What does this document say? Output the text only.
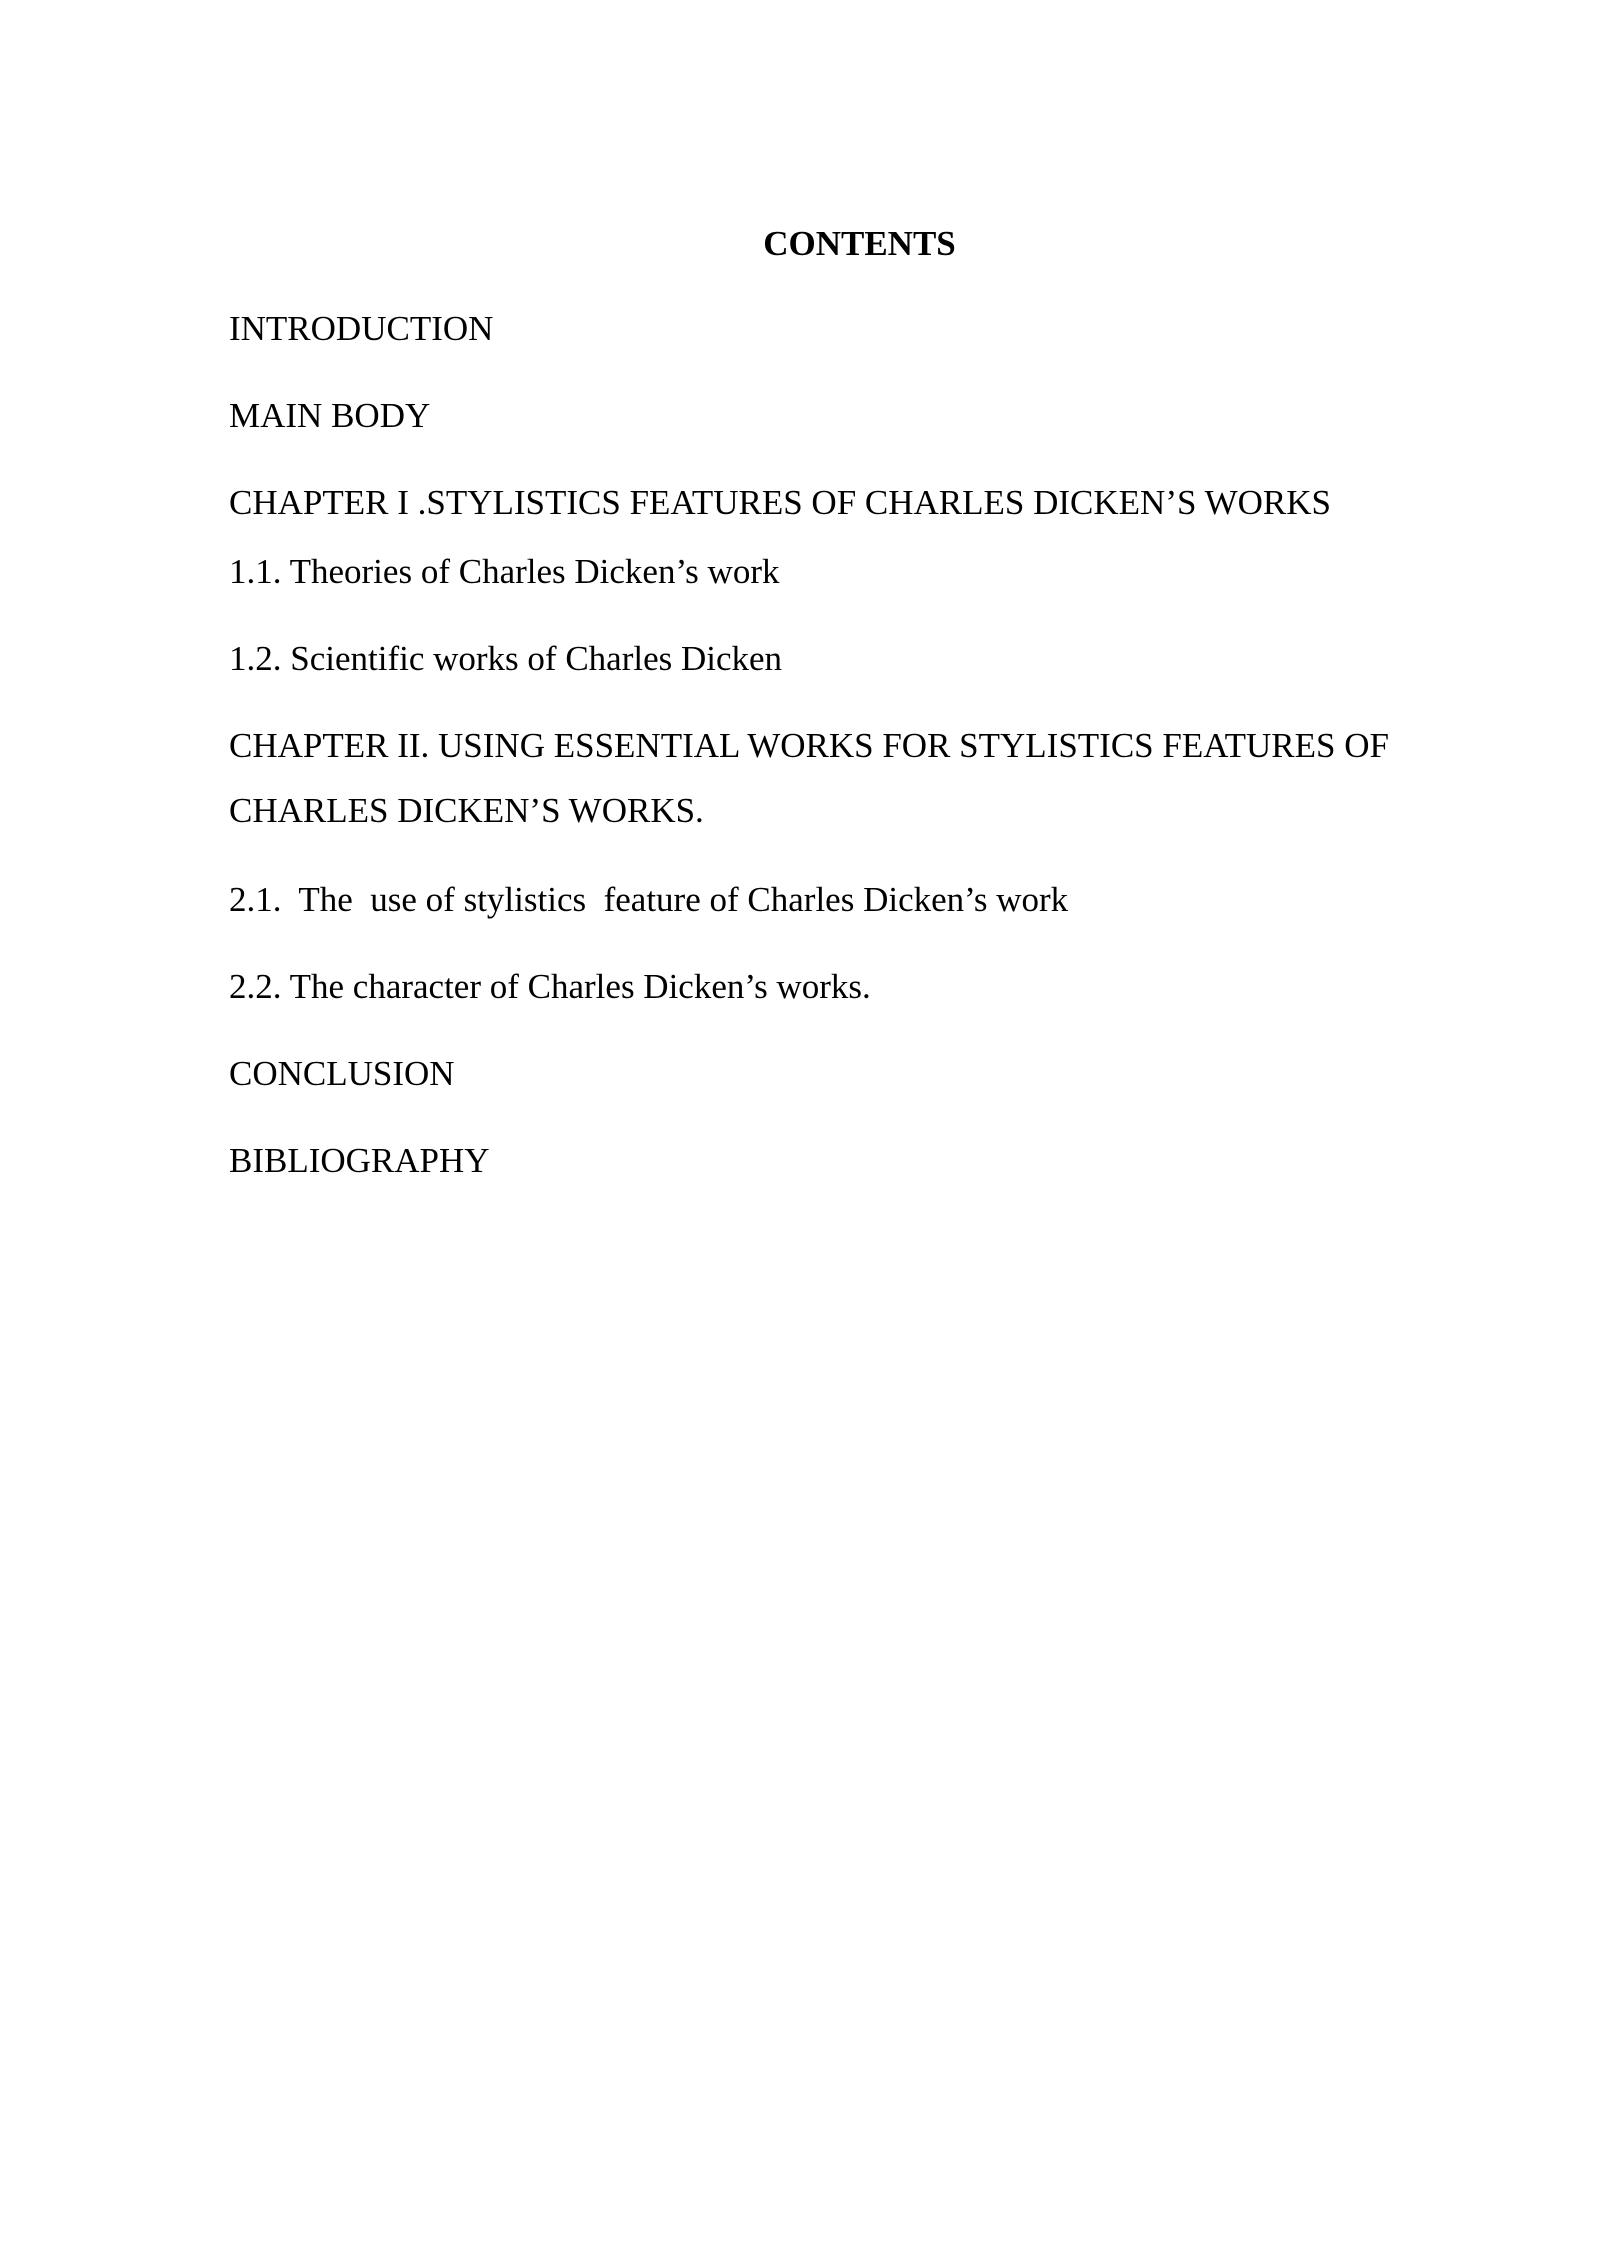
CONTENTS

INTRODUCTION

MAIN BODY

CHAPTER I .STYLISTICS FEATURES OF CHARLES DICKEN’S WORKS

1.1. Theories of Charles Dicken’s work

1.2. Scientific works of Charles Dicken

CHAPTER II. USING ESSENTIAL WORKS FOR STYLISTICS FEATURES OF CHARLES DICKEN’S WORKS.

2.1.  The  use of stylistics  feature of Charles Dicken’s work

2.2. The character of Charles Dicken’s works.

CONCLUSION

BIBLIOGRAPHY
